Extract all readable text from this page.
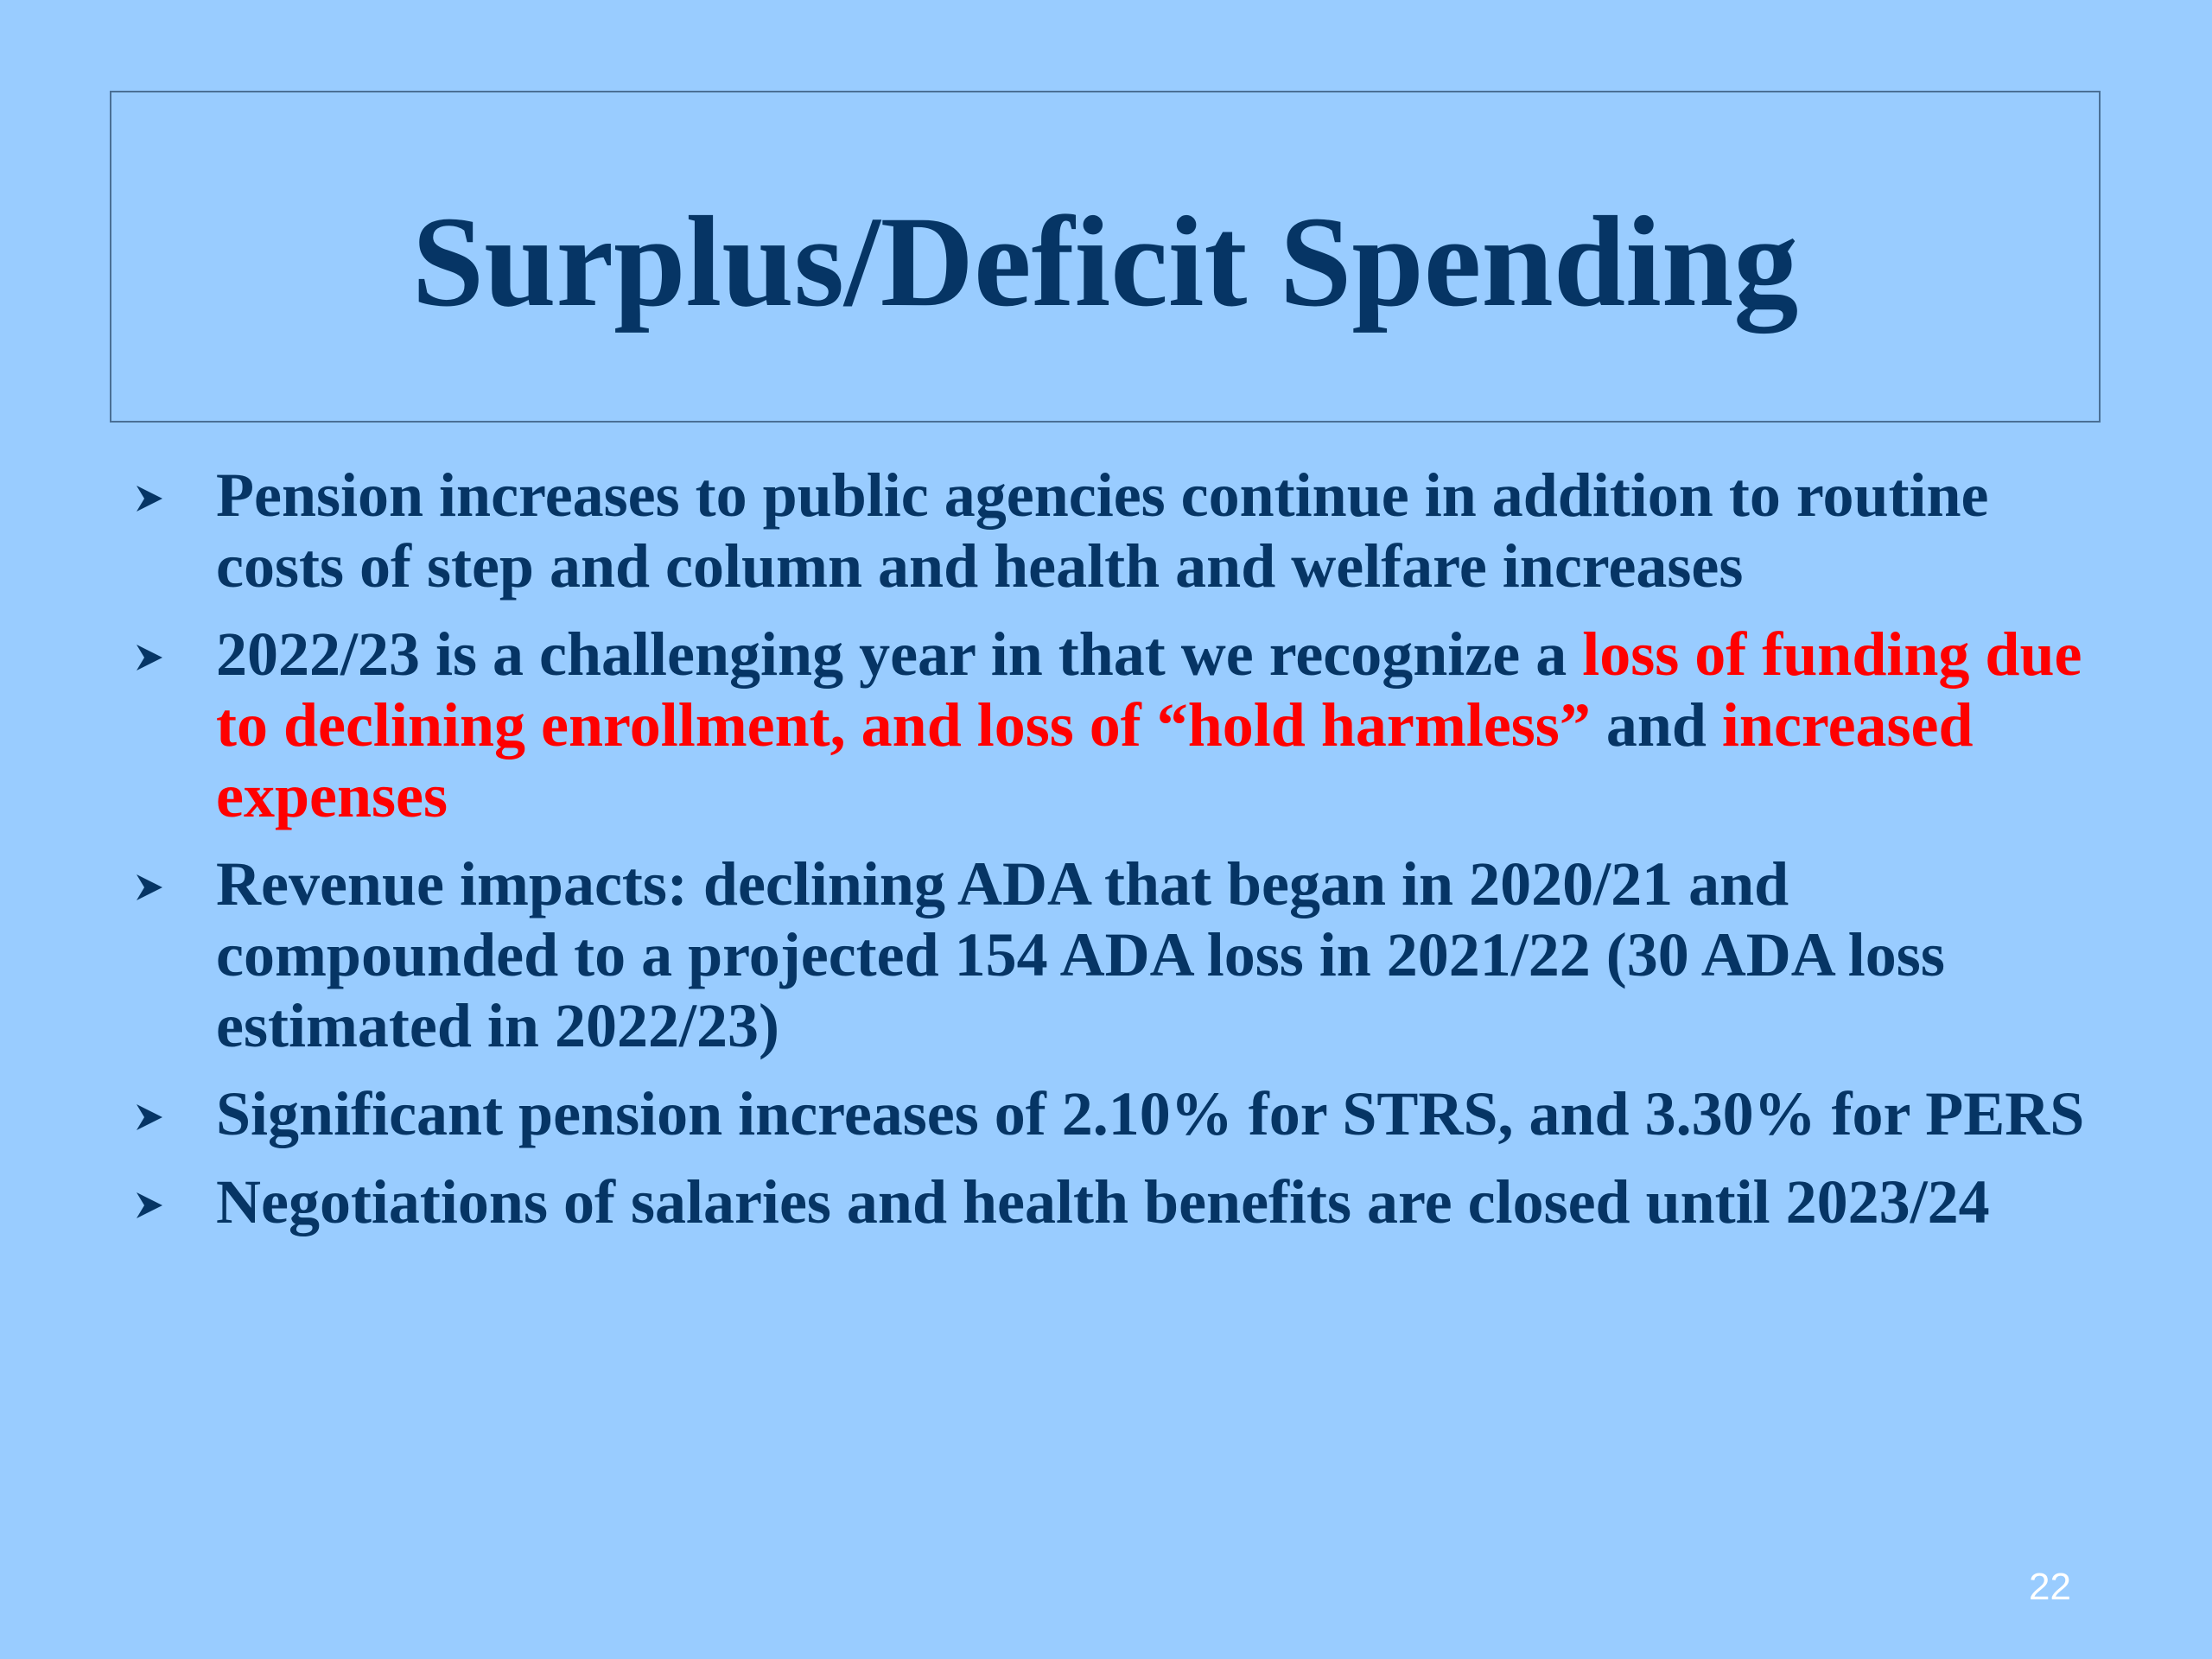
Surplus/Deficit Spending
Pension increases to public agencies continue in addition to routine costs of step and column and health and welfare increases
2022/23 is a challenging year in that we recognize a loss of funding due to declining enrollment, and loss of “hold harmless” and increased expenses
Revenue impacts: declining ADA that began in 2020/21 and compounded to a projected 154 ADA loss in 2021/22 (30 ADA loss estimated in 2022/23)
Significant pension increases of 2.10% for STRS, and 3.30% for PERS
Negotiations of salaries and health benefits are closed until 2023/24
22
